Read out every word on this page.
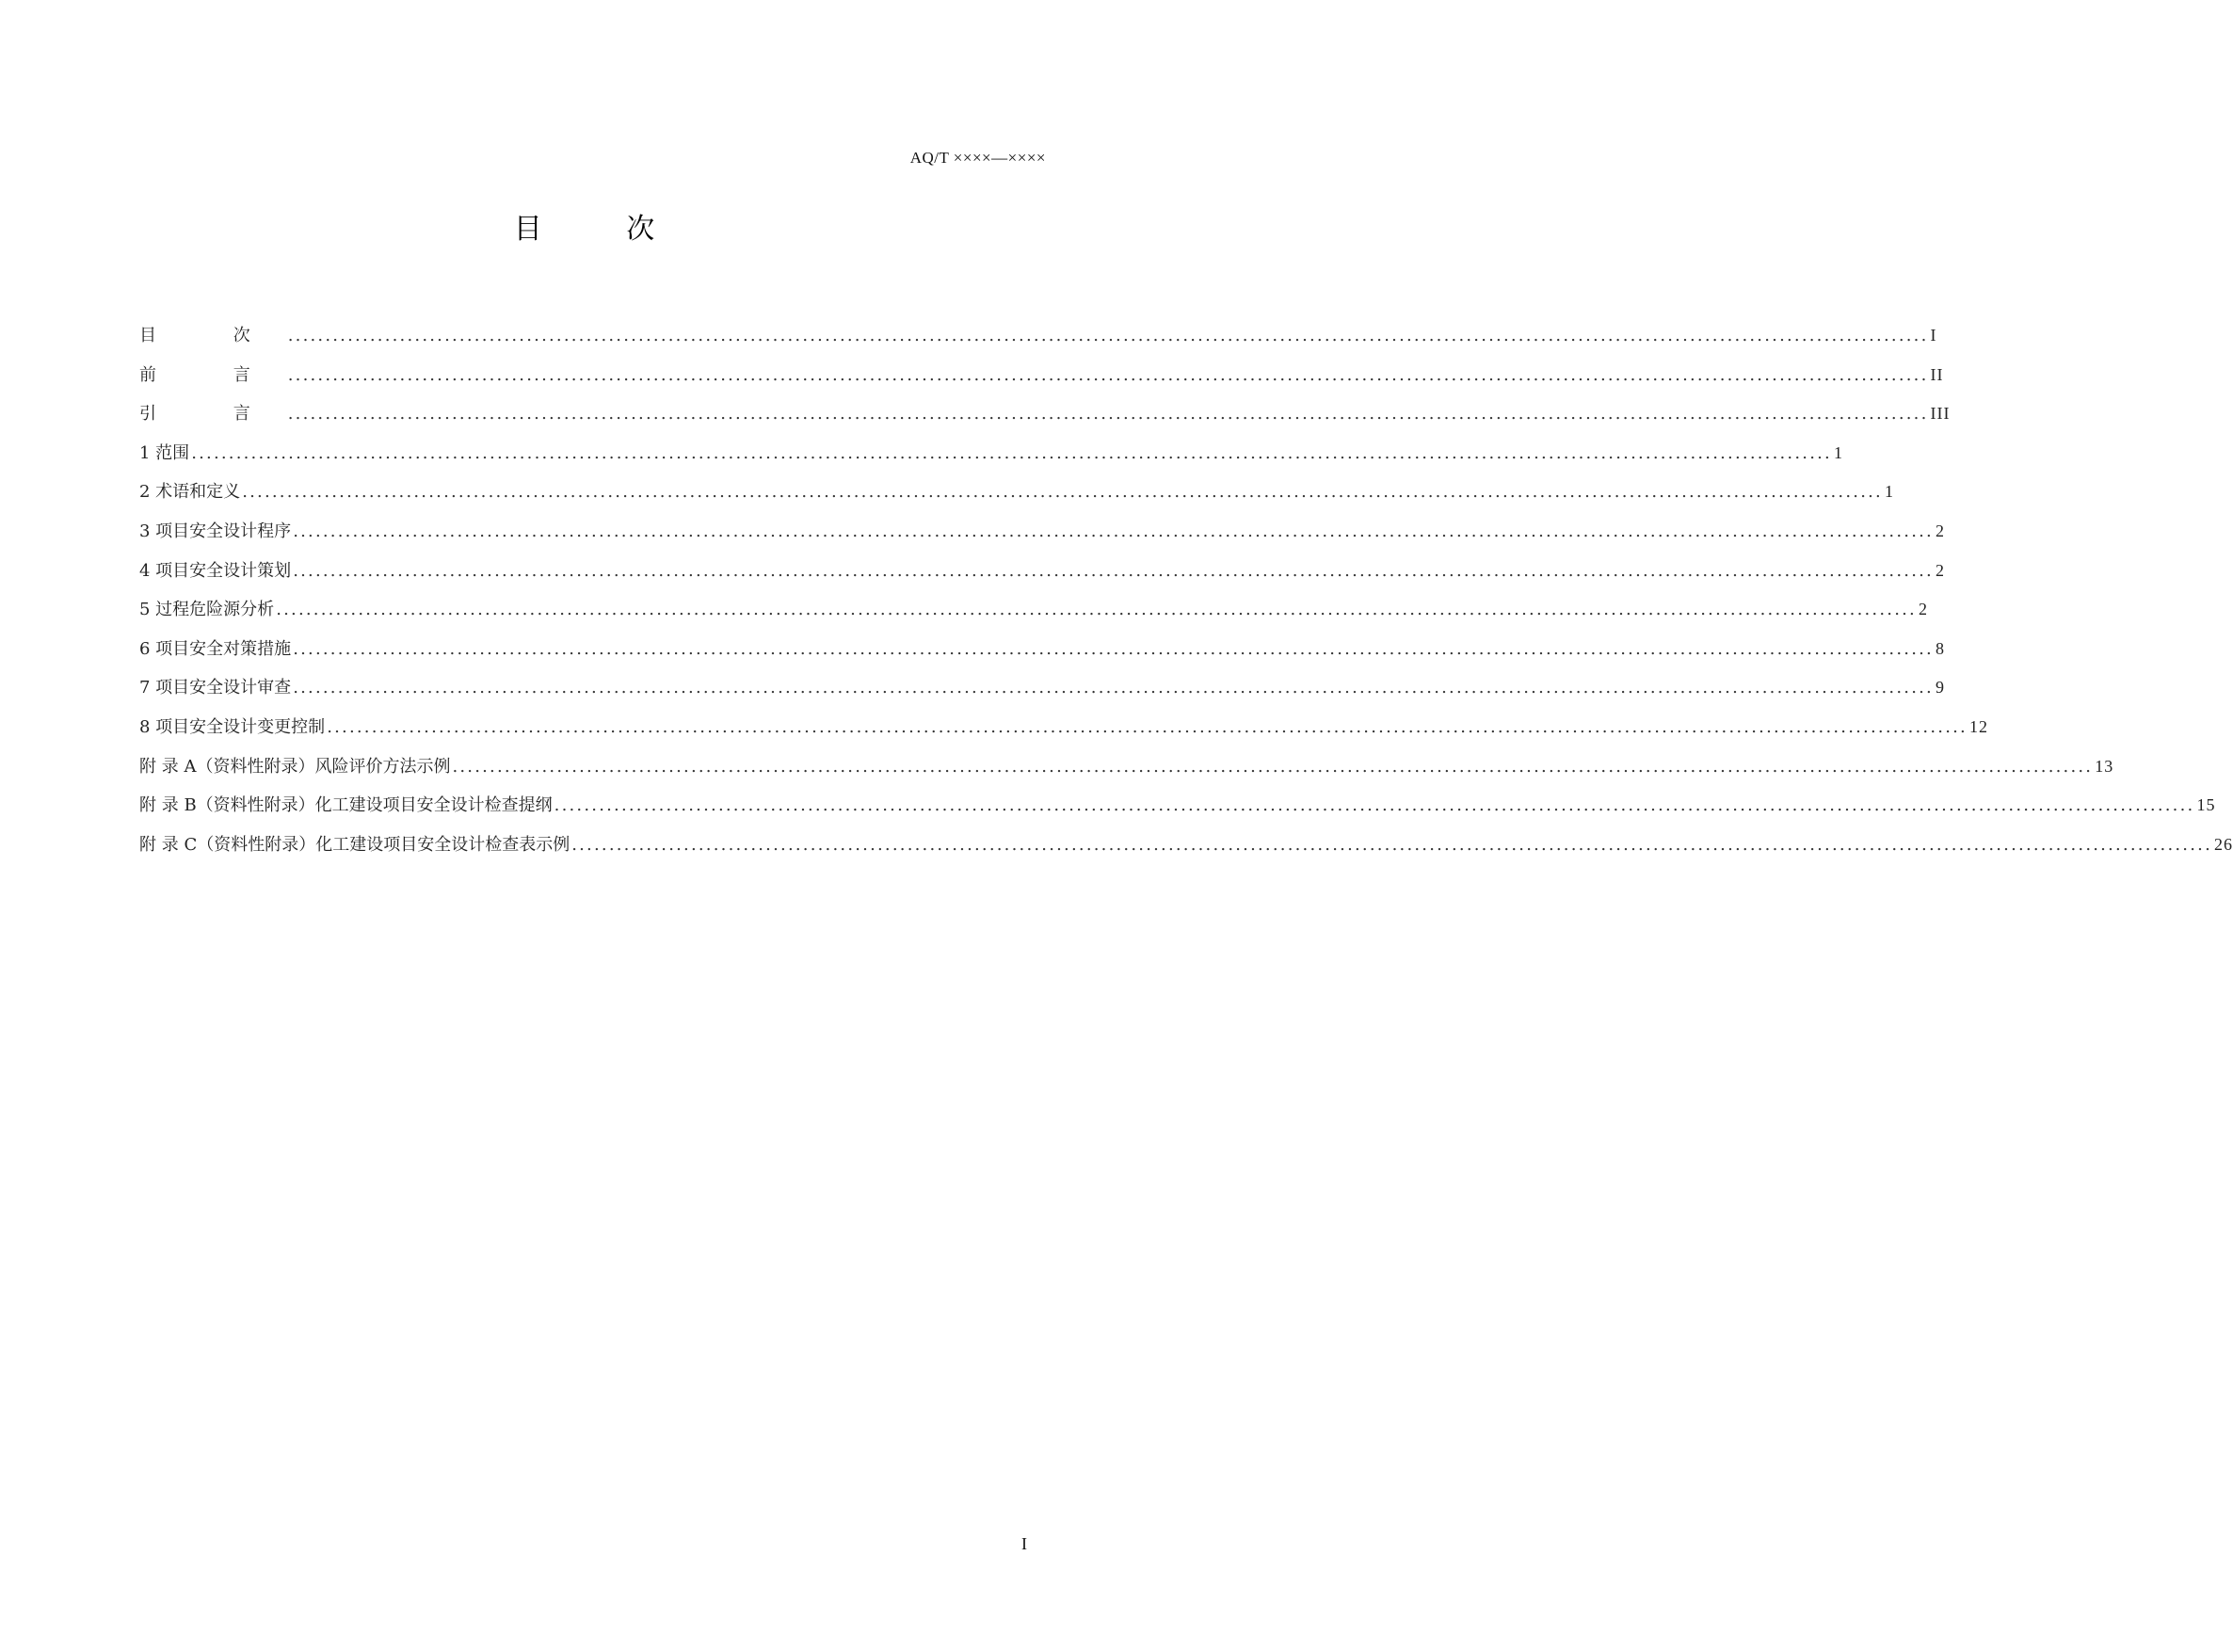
AQ/T ××××—××××
目 次
目 次 ............................................................................................................................................................................................................................ I
前 言 ............................................................................................................................................................................................................................ II
引 言 ............................................................................................................................................................................................................................ III
1 范围 ............................................................................................................................................................................................................................ 1
2 术语和定义 ............................................................................................................................................................................................................................ 1
3 项目安全设计程序 ............................................................................................................................................................................................................................ 2
4 项目安全设计策划 ............................................................................................................................................................................................................................ 2
5 过程危险源分析 ............................................................................................................................................................................................................................ 2
6 项目安全对策措施 ............................................................................................................................................................................................................................ 8
7 项目安全设计审查 ............................................................................................................................................................................................................................ 9
8 项目安全设计变更控制 ............................................................................................................................................................................................................................ 12
附 录 A（资料性附录）风险评价方法示例 ............................................................................................................................................................................................................................ 13
附 录 B（资料性附录）化工建设项目安全设计检查提纲 ............................................................................................................................................................................................................................ 15
附 录 C（资料性附录）化工建设项目安全设计检查表示例 ............................................................................................................................................................................................................................ 26
I
